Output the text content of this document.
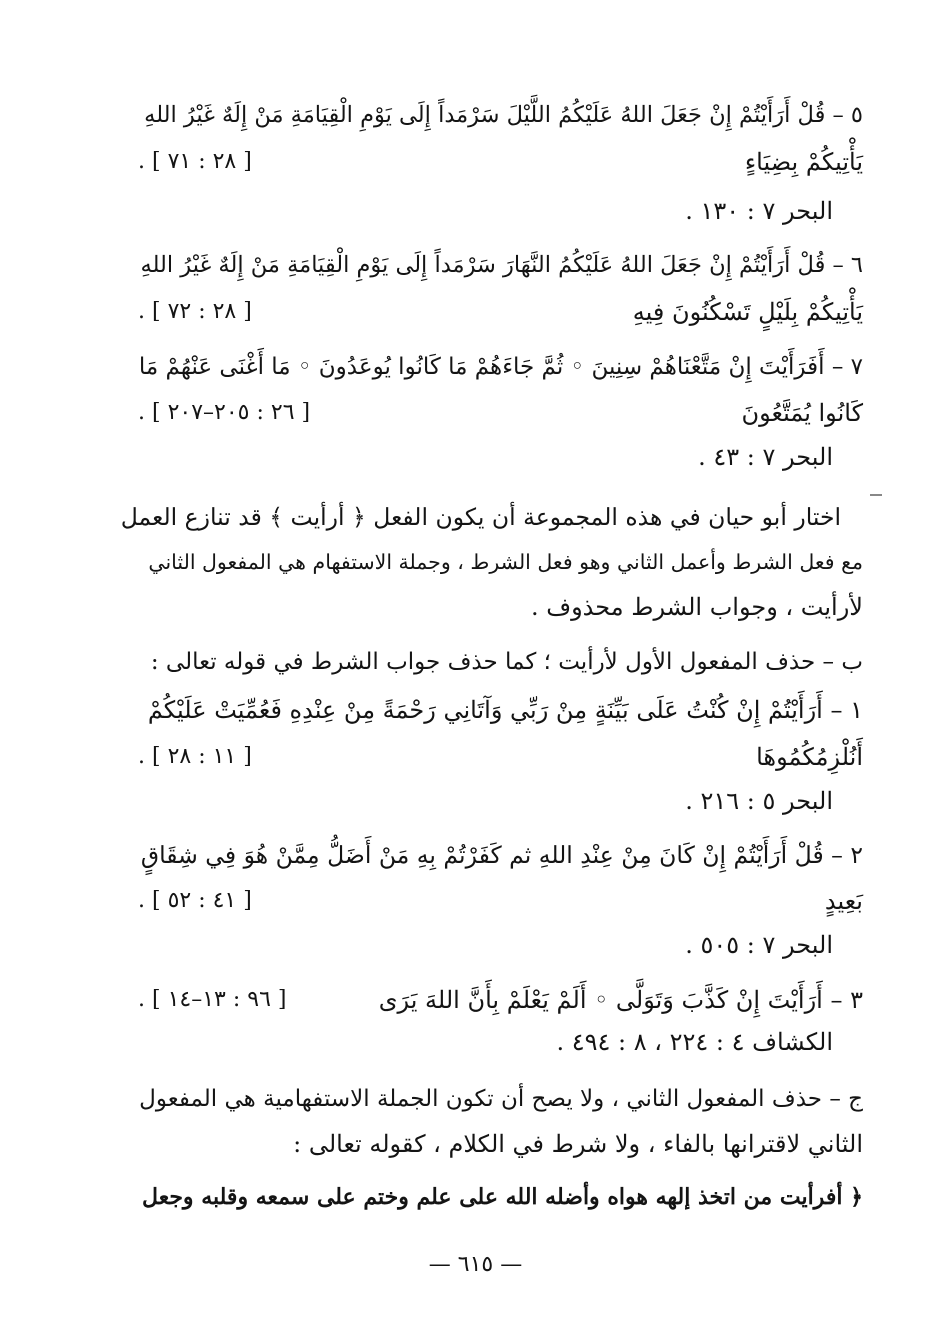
٥ – قُلْ أَرَأَيْتُمْ إِنْ جَعَلَ اللهُ عَلَيْكُمُ اللَّيْلَ سَرْمَداً إِلَى يَوْمِ الْقِيَامَةِ مَنْ إِلَهٌ غَيْرُ اللهِ
يَأْتِيكُمْ بِضِيَاءٍ
[ ٢٨ : ٧١ ] .
البحر ٧ : ١٣٠ .
٦ – قُلْ أَرَأَيْتُمْ إِنْ جَعَلَ اللهُ عَلَيْكُمُ النَّهَارَ سَرْمَداً إِلَى يَوْمِ الْقِيَامَةِ مَنْ إِلَهٌ غَيْرُ اللهِ
يَأْتِيكُمْ بِلَيْلٍ تَسْكُنُونَ فِيهِ
[ ٢٨ : ٧٢ ] .
٧ – أَفَرَأَيْتَ إِنْ مَتَّعْنَاهُمْ سِنِينَ ◦ ثُمَّ جَاءَهُمْ مَا كَانُوا يُوعَدُونَ ◦ مَا أَغْنَى عَنْهُمْ مَا
كَانُوا يُمَتَّعُونَ
[ ٢٦ : ٢٠٥–٢٠٧ ] .
البحر ٧ : ٤٣ .
اختار أبو حيان في هذه المجموعة أن يكون الفعل ﴿ أرأيت ﴾ قد تنازع العمل
مع فعل الشرط وأعمل الثاني وهو فعل الشرط ، وجملة الاستفهام هي المفعول الثاني
لأرأيت ، وجواب الشرط محذوف .
ب – حذف المفعول الأول لأرأيت ؛ كما حذف جواب الشرط في قوله تعالى :
١ – أَرَأَيْتُمْ إِنْ كُنْتُ عَلَى بَيِّنَةٍ مِنْ رَبِّي وَآتَانِي رَحْمَةً مِنْ عِنْدِهِ فَعُمِّيَتْ عَلَيْكُمْ
أَنُلْزِمُكُمُوهَا
[ ١١ : ٢٨ ] .
البحر ٥ : ٢١٦ .
٢ – قُلْ أَرَأَيْتُمْ إِنْ كَانَ مِنْ عِنْدِ اللهِ ثم كَفَرْتُمْ بِهِ مَنْ أَضَلُّ مِمَّنْ هُوَ فِي شِقَاقٍ
بَعِيدٍ
[ ٤١ : ٥٢ ] .
البحر ٧ : ٥٠٥ .
٣ – أَرَأَيْتَ إِنْ كَذَّبَ وَتَوَلَّى ◦ أَلَمْ يَعْلَمْ بِأَنَّ اللهَ يَرَى
[ ٩٦ : ١٣–١٤ ] .
الكشاف ٤ : ٢٢٤ ، ٨ : ٤٩٤ .
ج – حذف المفعول الثاني ، ولا يصح أن تكون الجملة الاستفهامية هي المفعول
الثاني لاقترانها بالفاء ، ولا شرط في الكلام ، كقوله تعالى :
﴿ أفرأيت من اتخذ إلهه هواه وأضله الله على علم وختم على سمعه وقلبه وجعل
— ٦١٥ —
